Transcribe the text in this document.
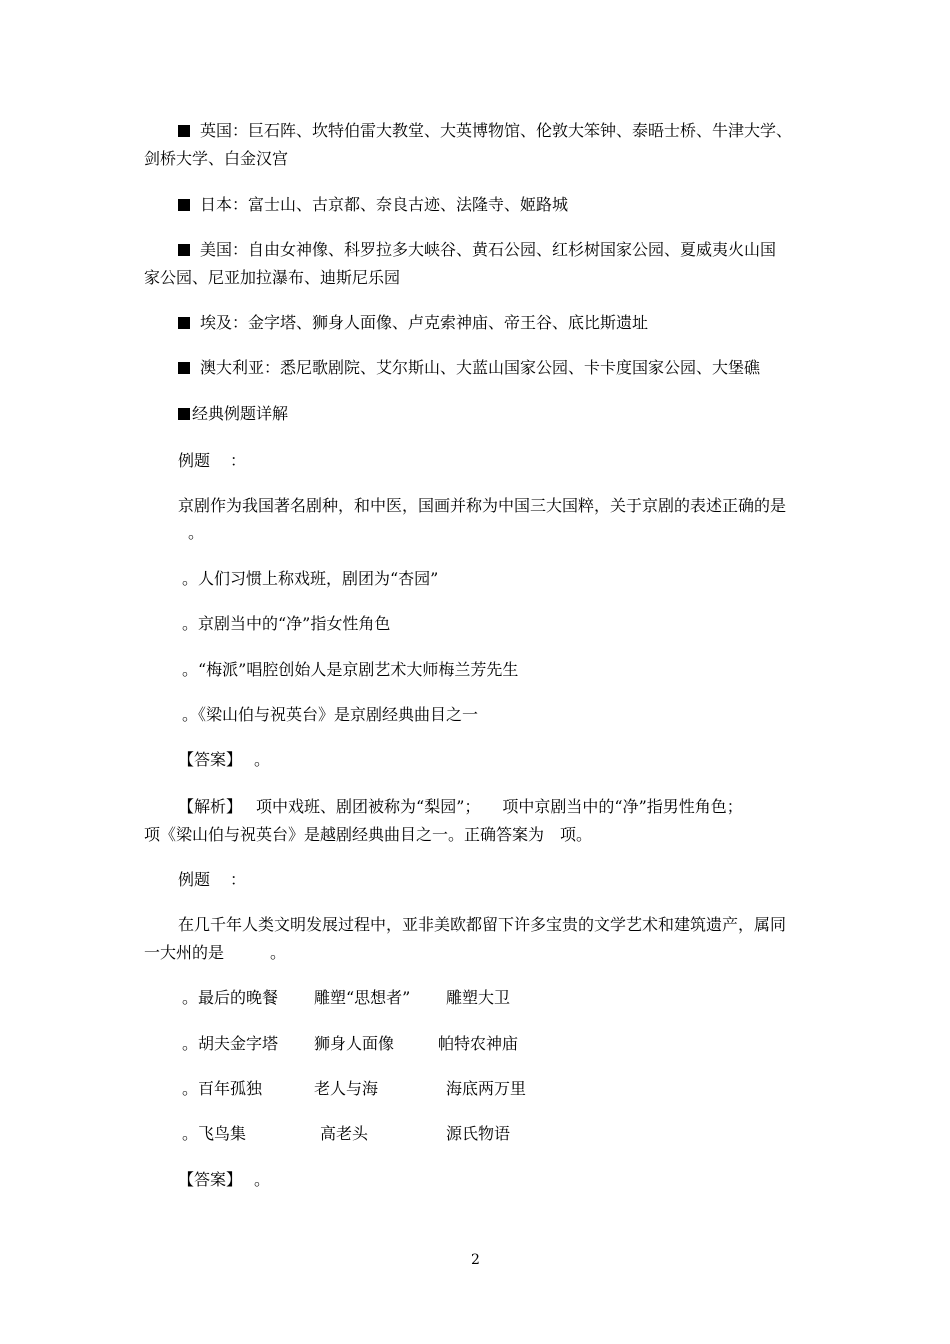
英国：巨石阵、坎特伯雷大教堂、大英博物馆、伦敦大笨钟、泰晤士桥、牛津大学、

剑桥大学、白金汉宫

日本：富士山、古京都、奈良古迹、法隆寺、姬路城

美国：自由女神像、科罗拉多大峡谷、黄石公园、红杉树国家公园、夏威夷火山国

家公园、尼亚加拉瀑布、迪斯尼乐园

埃及：金字塔、狮身人面像、卢克索神庙、帝王谷、底比斯遗址

澳大利亚：悉尼歌剧院、艾尔斯山、大蓝山国家公园、卡卡度国家公园、大堡礁

经典例题详解

例题 ：

京剧作为我国著名剧种，和中医，国画并称为中国三大国粹，关于京剧的表述正确的是

。

。人们习惯上称戏班，剧团为“杏园”

。京剧当中的“净”指女性角色

。“梅派”唱腔创始人是京剧艺术大师梅兰芳先生

。《梁山伯与祝英台》是京剧经典曲目之一

【答案】 。

【解析】 项中戏班、剧团被称为“梨园”； 项中京剧当中的“净”指男性角色；

项《梁山伯与祝英台》是越剧经典曲目之一。正确答案为 项。

例题 ：

在几千年人类文明发展过程中，亚非美欧都留下许多宝贵的文学艺术和建筑遗产，属同

一大州的是	。

。最后的晚餐 雕塑“思想者” 雕塑大卫

。胡夫金字塔 狮身人面像	帕特农神庙

。百年孤独	老人与海	海底两万里

。飞鸟集	高老头	源氏物语

【答案】 。

2
